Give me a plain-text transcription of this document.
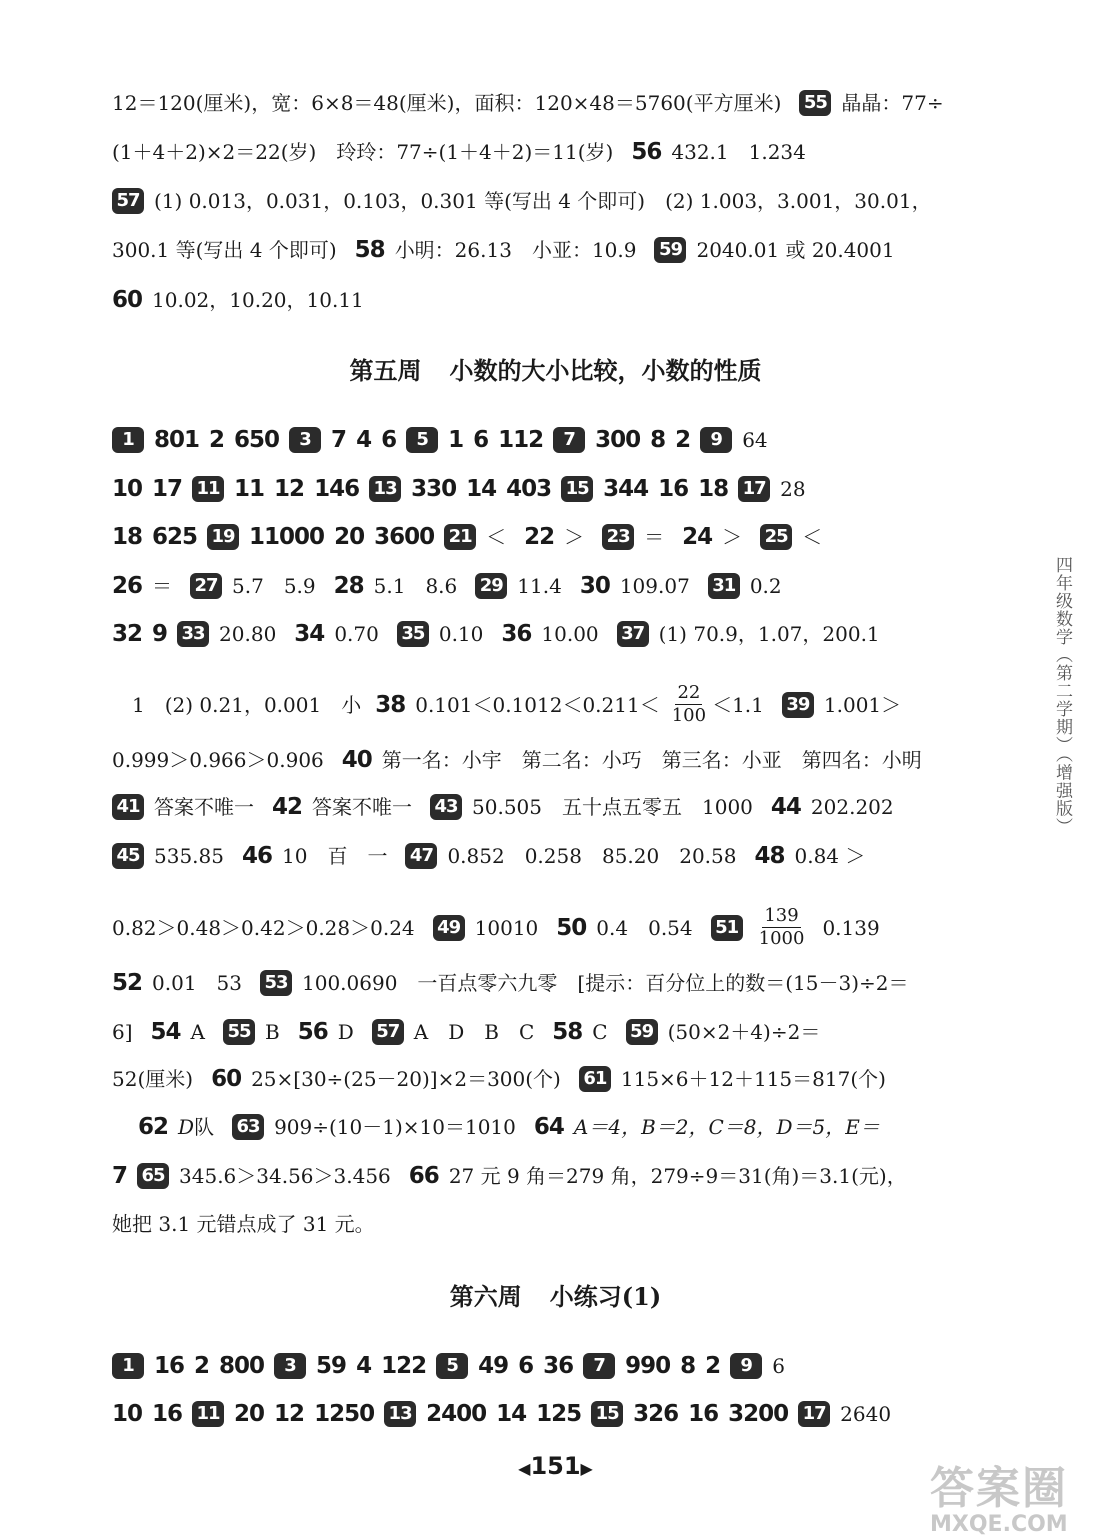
12＝120(厘米)，宽：6×8＝48(厘米)，面积：120×48＝5760(平方厘米) 55 晶晶：77÷
(1＋4＋2)×2＝22(岁)　玲玲：77÷(1＋4＋2)＝11(岁) 56 432.1　1.234
57 (1) 0.013，0.031，0.103，0.301 等(写出 4 个即可)　(2) 1.003，3.001，30.01，
300.1 等(写出 4 个即可) 58 小明：26.13　小亚：10.9 59 2040.01 或 20.4001
60 10.02，10.20，10.11
第五周 小数的大小比较，小数的性质
1 801 2 650	3 7 4 6	5 1 6 112	7 300 8 2	9	64
10 17 11 11 12 146 13 330 14 403 15 344 16 18 17 28
18 625 19 11000 20 3600 21 ＜ 22 ＞ 23 ＝ 24 ＞ 25 ＜
26 ＝ 27 5.7　5.9 28 5.1　8.6 29 11.4 30 109.07 31 0.2
32 9 33 20.80 34 0.70 35 0.10 36 10.00 37 (1) 70.9，1.07，200.1
0.999＞0.966＞0.906 40 第一名：小宇　第二名：小巧　第三名：小亚　第四名：小明
41 答案不唯一 42 答案不唯一 43 50.505　五十点五零五　1000 44 202.202
45 535.85 46 10　百　一 47 0.852　0.258　85.20　20.58 48 0.84 ＞
52 0.01　53 53 100.0690　一百点零六九零　[提示：百分位上的数＝(15－3)÷2＝
6] 54 A 55 B 56 D 57 A　D　B　C 58 C 59 (50×2＋4)÷2＝
52(厘米) 60 25×[30÷(25－20)]×2＝300(个) 61 115×6＋12＋115＝817(个)
7 65 345.6＞34.56＞3.456 66 27 元 9 角＝279 角，279÷9＝31(角)＝3.1(元)，
她把 3.1 元错点成了 31 元。
1　(2) 0.21，0.001　小 38 $0.101<0.1012<0.211< \frac{22}{100} <1.1$ 39 1.001＞
0.82＞0.48＞0.42＞0.28＞0.24 49 10010 50 0.4　0.54 $51 \frac{139}{1000} 0.139$
62 D 队 63 909÷(10－1)×10＝1010 64 A＝4，B＝2，C＝8，D＝5，E＝
第六周 小练习(1)
1 16 2 800	3 59 4 122	5 49 6 36	7 990 8 2	9	6
10 16 11 20 12 1250 13 2400 14 125 15 326 16 3200 17 2640
四年级数学（第二学期）（增强版）
◀151▶	答案圈
MXQE.COM
